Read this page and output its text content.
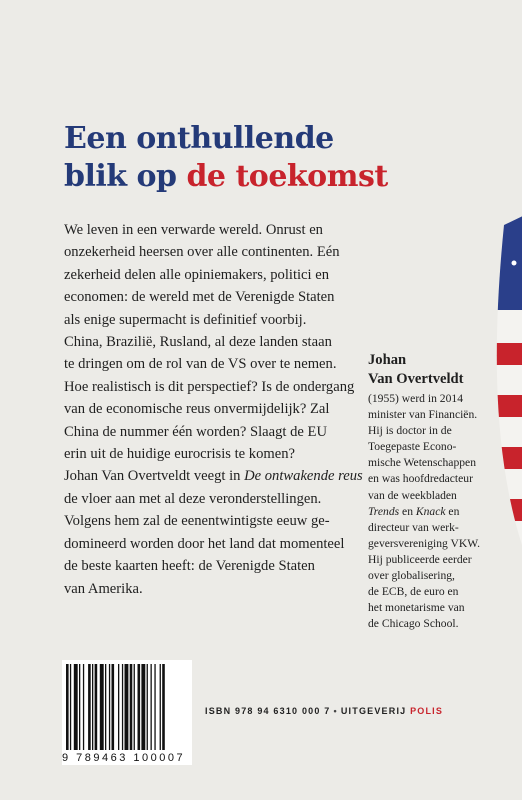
Een onthullende
blik op de toekomst
We leven in een verwarde wereld. Onrust en
onzekerheid heersen over alle continenten. Eén
zekerheid delen alle opiniemakers, politici en
economen: de wereld met de Verenigde Staten
als enige supermacht is definitief voorbij.
China, Brazilië, Rusland, al deze landen staan
te dringen om de rol van de VS over te nemen.
Hoe realistisch is dit perspectief? Is de ondergang
van de economische reus onvermijdelijk? Zal
China de nummer één worden? Slaagt de EU
erin uit de huidige eurocrisis te komen?
Johan Van Overtveldt veegt in De ontwakende reus
de vloer aan met al deze veronderstellingen.
Volgens hem zal de eenentwintigste eeuw ge-
domineerd worden door het land dat momenteel
de beste kaarten heeft: de Verenigde Staten
van Amerika.
Johan
Van Overtveldt
(1955) werd in 2014
minister van Financiën.
Hij is doctor in de
Toegepaste Econo-
mische Wetenschappen
en was hoofdredacteur
van de weekbladen
Trends en Knack en
directeur van werk-
geversvereniging VKW.
Hij publiceerde eerder
over globalisering,
de ECB, de euro en
het monetarisme van
de Chicago School.
9 789463 100007
ISBN 978 94 6310 000 7 • UITGEVERIJ POLIS
